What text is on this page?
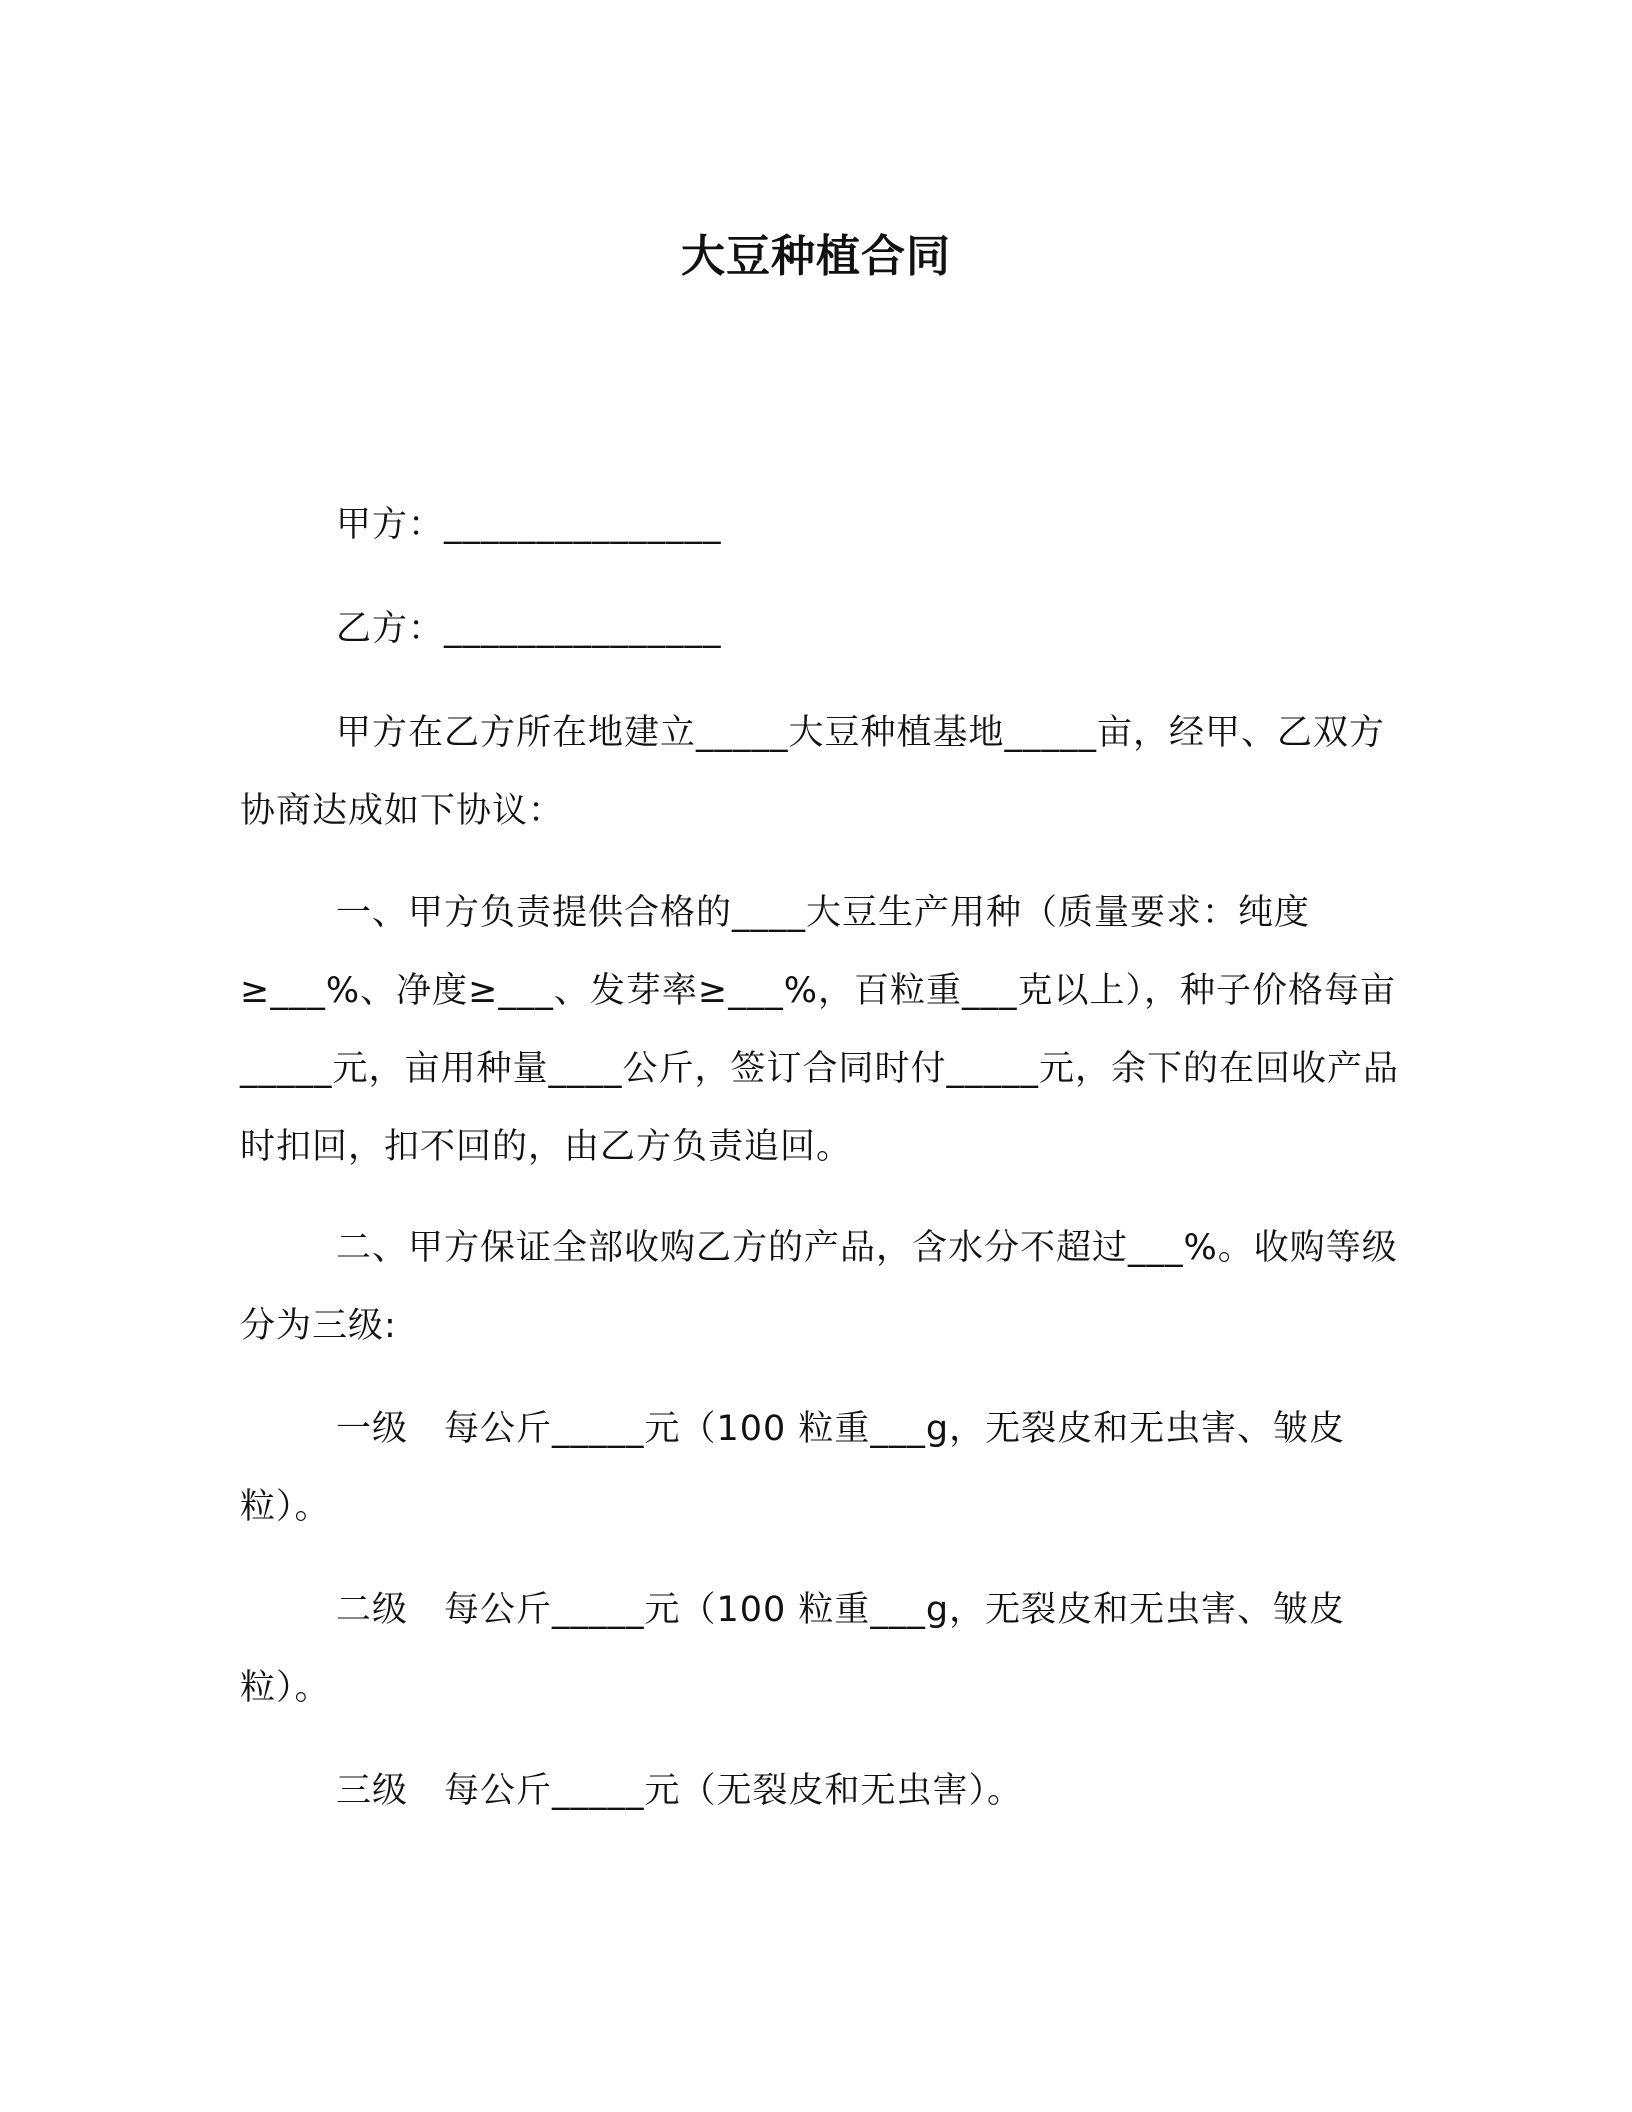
大豆种植合同
甲方：_______________
乙方：_______________
甲方在乙方所在地建立_____大豆种植基地_____亩，经甲、乙双方协商达成如下协议：
一、甲方负责提供合格的____大豆生产用种（质量要求：纯度≥___%、净度≥___、发芽率≥___%，百粒重___克以上），种子价格每亩_____元，亩用种量____公斤，签订合同时付_____元，余下的在回收产品时扣回，扣不回的，由乙方负责追回。
二、甲方保证全部收购乙方的产品，含水分不超过___%。收购等级分为三级:
一级　每公斤_____元（100 粒重___g，无裂皮和无虫害、皱皮粒）。
二级　每公斤_____元（100 粒重___g，无裂皮和无虫害、皱皮粒）。
三级　每公斤_____元（无裂皮和无虫害）。
